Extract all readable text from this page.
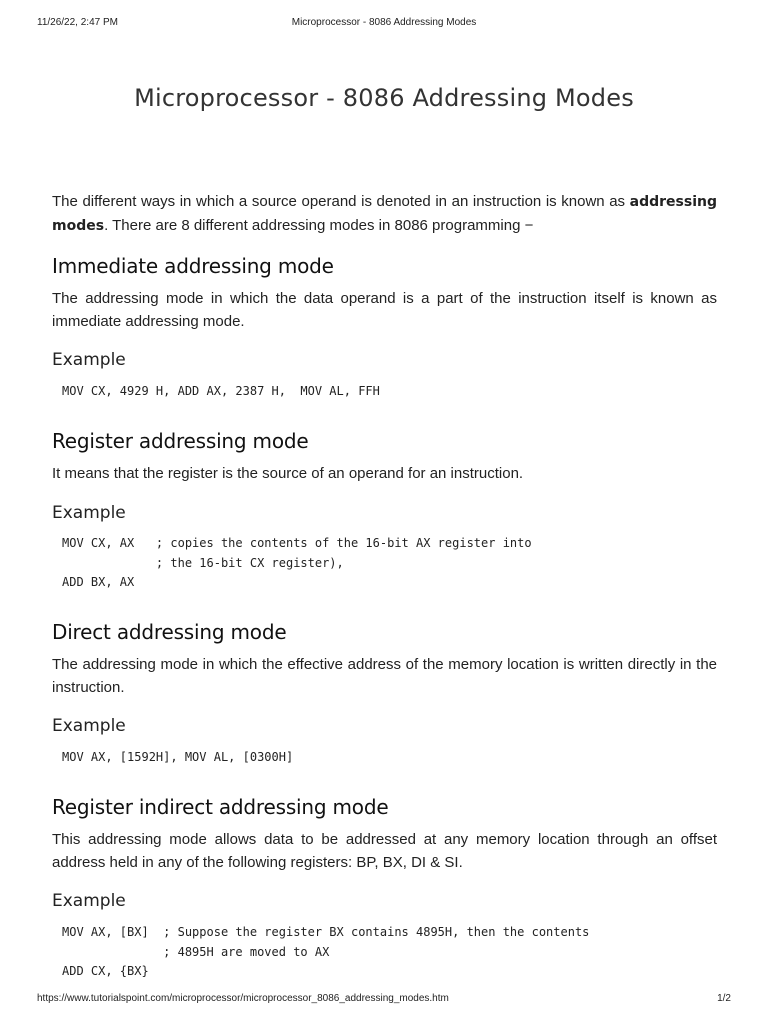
11/26/22, 2:47 PM	Microprocessor - 8086 Addressing Modes
Microprocessor - 8086 Addressing Modes

The different ways in which a source operand is denoted in an instruction is known as addressing modes. There are 8 different addressing modes in 8086 programming −

Immediate addressing mode

The addressing mode in which the data operand is a part of the instruction itself is known as immediate addressing mode.

Example
MOV CX, 4929 H, ADD AX, 2387 H,  MOV AL, FFH
Register addressing mode

It means that the register is the source of an operand for an instruction.

Example
MOV CX, AX   ; copies the contents of the 16-bit AX register into
; the 16-bit CX register),
ADD BX, AX
Direct addressing mode

The addressing mode in which the effective address of the memory location is written directly in the instruction.

Example
MOV AX, [1592H], MOV AL, [0300H]
Register indirect addressing mode

This addressing mode allows data to be addressed at any memory location through an offset address held in any of the following registers: BP, BX, DI & SI.

Example
MOV AX, [BX]  ; Suppose the register BX contains 4895H, then the contents
; 4895H are moved to AX
ADD CX, {BX}
https://www.tutorialspoint.com/microprocessor/microprocessor_8086_addressing_modes.htm	1/2
